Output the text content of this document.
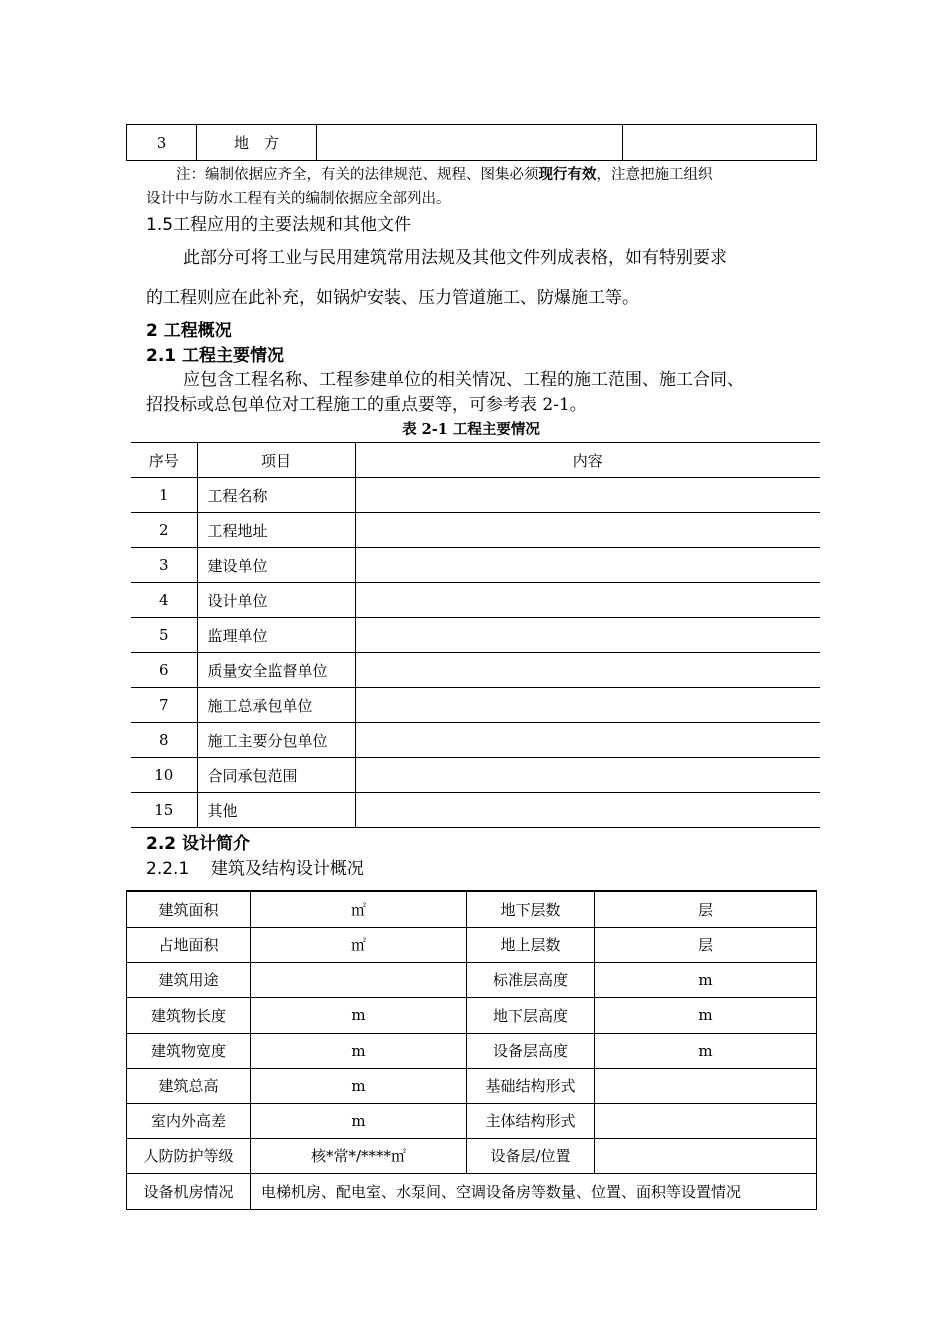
3	地　方		
注：编制依据应齐全，有关的法律规范、规程、图集必须现行有效，注意把施工组织
设计中与防水工程有关的编制依据应全部列出。
1.5工程应用的主要法规和其他文件
此部分可将工业与民用建筑常用法规及其他文件列成表格，如有特别要求
的工程则应在此补充，如锅炉安装、压力管道施工、防爆施工等。
2 工程概况
2.1 工程主要情况
应包含工程名称、工程参建单位的相关情况、工程的施工范围、施工合同、
招投标或总包单位对工程施工的重点要等，可参考表 2-1。
表 2-1 工程主要情况
序号	项目	内容
1	工程名称	
2	工程地址	
3	建设单位	
4	设计单位	
5	监理单位	
6	质量安全监督单位	
7	施工总承包单位	
8	施工主要分包单位	
10	合同承包范围	
15	其他	
2.2 设计简介
2.2.1    建筑及结构设计概况
建筑面积	㎡	地下层数	层
占地面积	㎡	地上层数	层
建筑用途		标准层高度	m
建筑物长度	m	地下层高度	m
建筑物宽度	m	设备层高度	m
建筑总高	m	基础结构形式	
室内外高差	m	主体结构形式	
人防防护等级	核*常*/****㎡	设备层/位置	
设备机房情况	电梯机房、配电室、水泵间、空调设备房等数量、位置、面积等设置情况		
